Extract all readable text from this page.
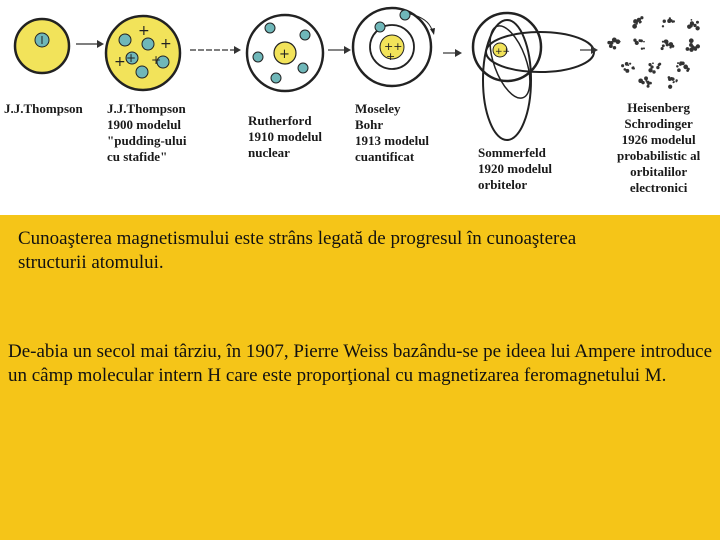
+
+
+ + +	+
++
+	++
J.J.Thompson J.J.Thompson
1900 modelul
"pudding-ului
cu stafide"
Rutherford
1910 modelul
nuclear
Moseley
Bohr
1913 modelul
cuantificat	Sommerfeld
1920 modelul
orbitelor
Heisenberg
Schrodinger
1926 modelul
probabilistic al
orbitalilor
electronici
Cunoaşterea magnetismului este strâns legată de progresul în cunoaşterea structurii atomului.
De-abia un secol mai târziu, în 1907, Pierre Weiss bazându-se pe ideea lui Ampere introduce un câmp molecular intern H care este proporţional cu magnetizarea feromagnetului M.
